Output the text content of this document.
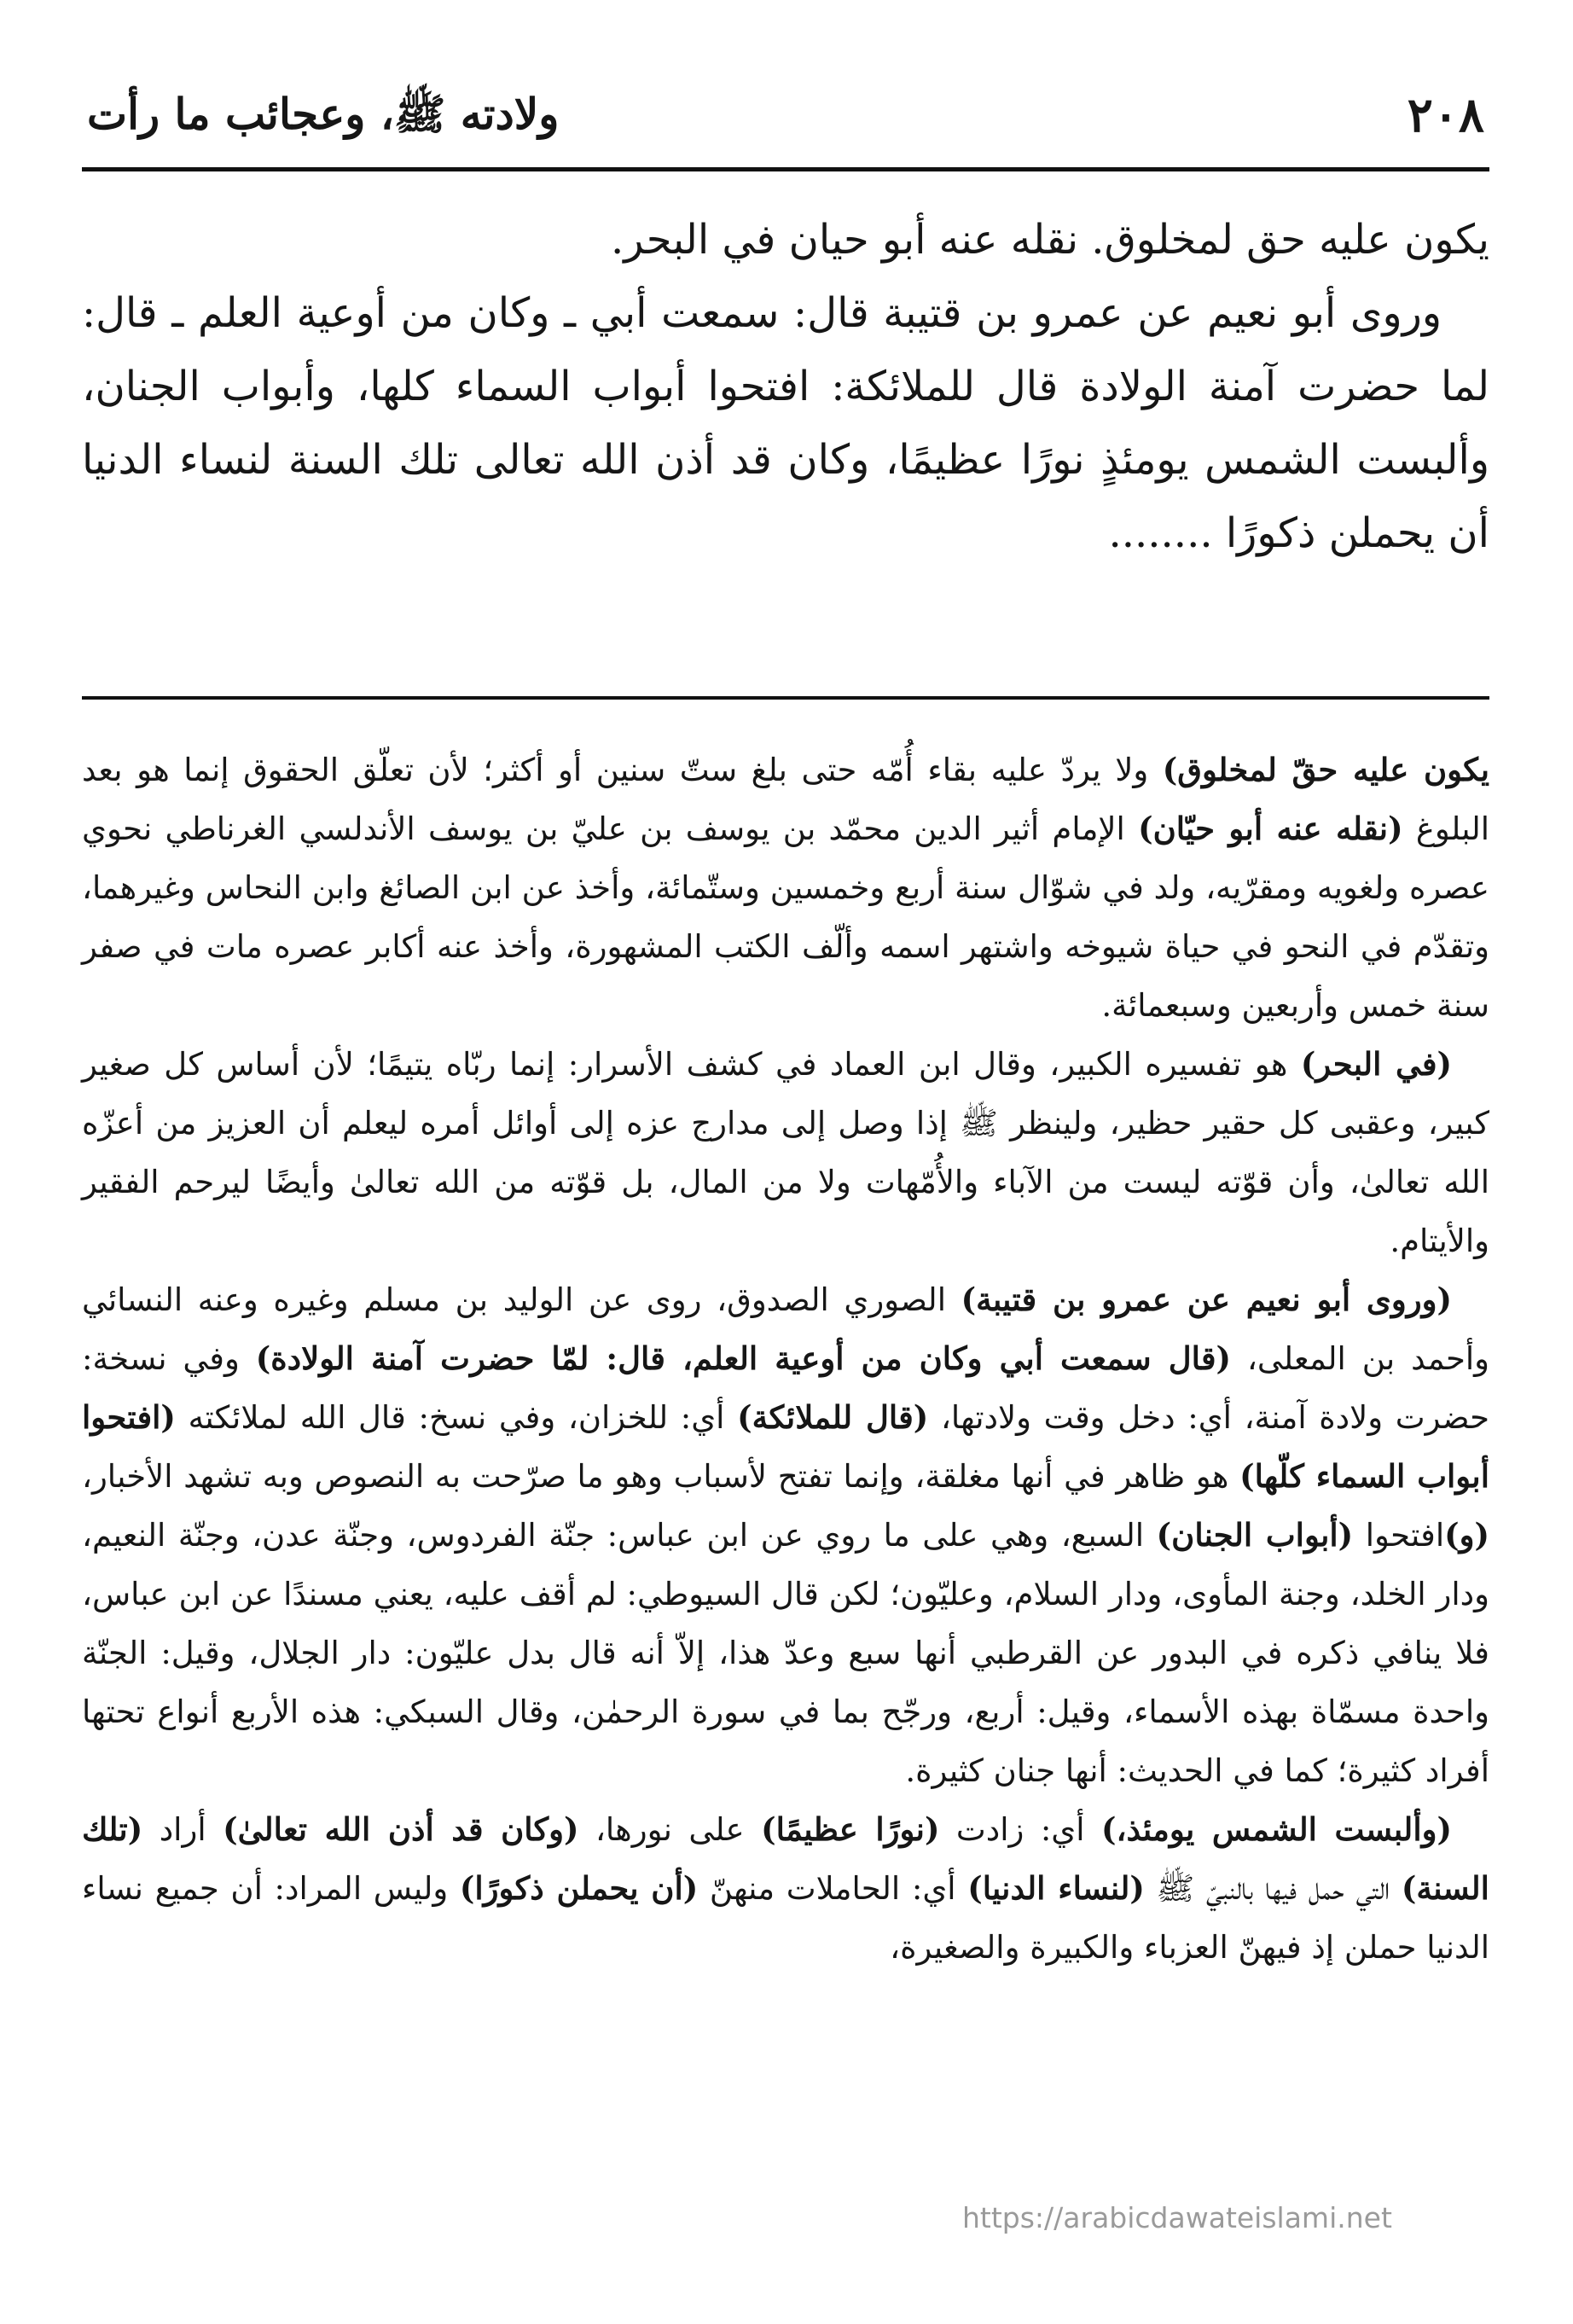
٢٠٨
ولادته ﷺ، وعجائب ما رأت

يكون عليه حق لمخلوق. نقله عنه أبو حيان في البحر.

وروى أبو نعيم عن عمرو بن قتيبة قال: سمعت أبي ـ وكان من أوعية العلم ـ قال: لما حضرت آمنة الولادة قال للملائكة: افتحوا أبواب السماء كلها، وأبواب الجنان، وألبست الشمس يومئذٍ نورًا عظيمًا، وكان قد أذن الله تعالى تلك السنة لنساء الدنيا أن يحملن ذكورًا ........

يكون عليه حقّ لمخلوق) ولا يردّ عليه بقاء أُمّه حتى بلغ ستّ سنين أو أكثر؛ لأن تعلّق الحقوق إنما هو بعد البلوغ (نقله عنه أبو حيّان) الإمام أثير الدين محمّد بن يوسف بن عليّ بن يوسف الأندلسي الغرناطي نحوي عصره ولغويه ومقرّيه، ولد في شوّال سنة أربع وخمسين وستّمائة، وأخذ عن ابن الصائغ وابن النحاس وغيرهما، وتقدّم في النحو في حياة شيوخه واشتهر اسمه وألّف الكتب المشهورة، وأخذ عنه أكابر عصره مات في صفر سنة خمس وأربعين وسبعمائة.

(في البحر) هو تفسيره الكبير، وقال ابن العماد في كشف الأسرار: إنما ربّاه يتيمًا؛ لأن أساس كل صغير كبير، وعقبى كل حقير حظير، ولينظر ﷺ إذا وصل إلى مدارج عزه إلى أوائل أمره ليعلم أن العزيز من أعزّه الله تعالىٰ، وأن قوّته ليست من الآباء والأُمّهات ولا من المال، بل قوّته من الله تعالىٰ وأيضًا ليرحم الفقير والأيتام.

(وروى أبو نعيم عن عمرو بن قتيبة) الصوري الصدوق، روى عن الوليد بن مسلم وغيره وعنه النسائي وأحمد بن المعلى، (قال سمعت أبي وكان من أوعية العلم، قال: لمّا حضرت آمنة الولادة) وفي نسخة: حضرت ولادة آمنة، أي: دخل وقت ولادتها، (قال للملائكة) أي: للخزان، وفي نسخ: قال الله لملائكته (افتحوا أبواب السماء كلّها) هو ظاهر في أنها مغلقة، وإنما تفتح لأسباب وهو ما صرّحت به النصوص وبه تشهد الأخبار، (و)افتحوا (أبواب الجنان) السبع، وهي على ما روي عن ابن عباس: جنّة الفردوس، وجنّة عدن، وجنّة النعيم، ودار الخلد، وجنة المأوى، ودار السلام، وعليّون؛ لكن قال السيوطي: لم أقف عليه، يعني مسندًا عن ابن عباس، فلا ينافي ذكره في البدور عن القرطبي أنها سبع وعدّ هذا، إلاّ أنه قال بدل عليّون: دار الجلال، وقيل: الجنّة واحدة مسمّاة بهذه الأسماء، وقيل: أربع، ورجّح بما في سورة الرحمٰن، وقال السبكي: هذه الأربع أنواع تحتها أفراد كثيرة؛ كما في الحديث: أنها جنان كثيرة.

(وألبست الشمس يومئذ،) أي: زادت (نورًا عظيمًا) على نورها، (وكان قد أذن الله تعالىٰ) أراد (تلك السنة) التي حمل فيها بالنبيّ ﷺ (لنساء الدنيا) أي: الحاملات منهنّ (أن يحملن ذكورًا) وليس المراد: أن جميع نساء الدنيا حملن إذ فيهنّ العزباء والكبيرة والصغيرة،

https://arabicdawateislami.net
